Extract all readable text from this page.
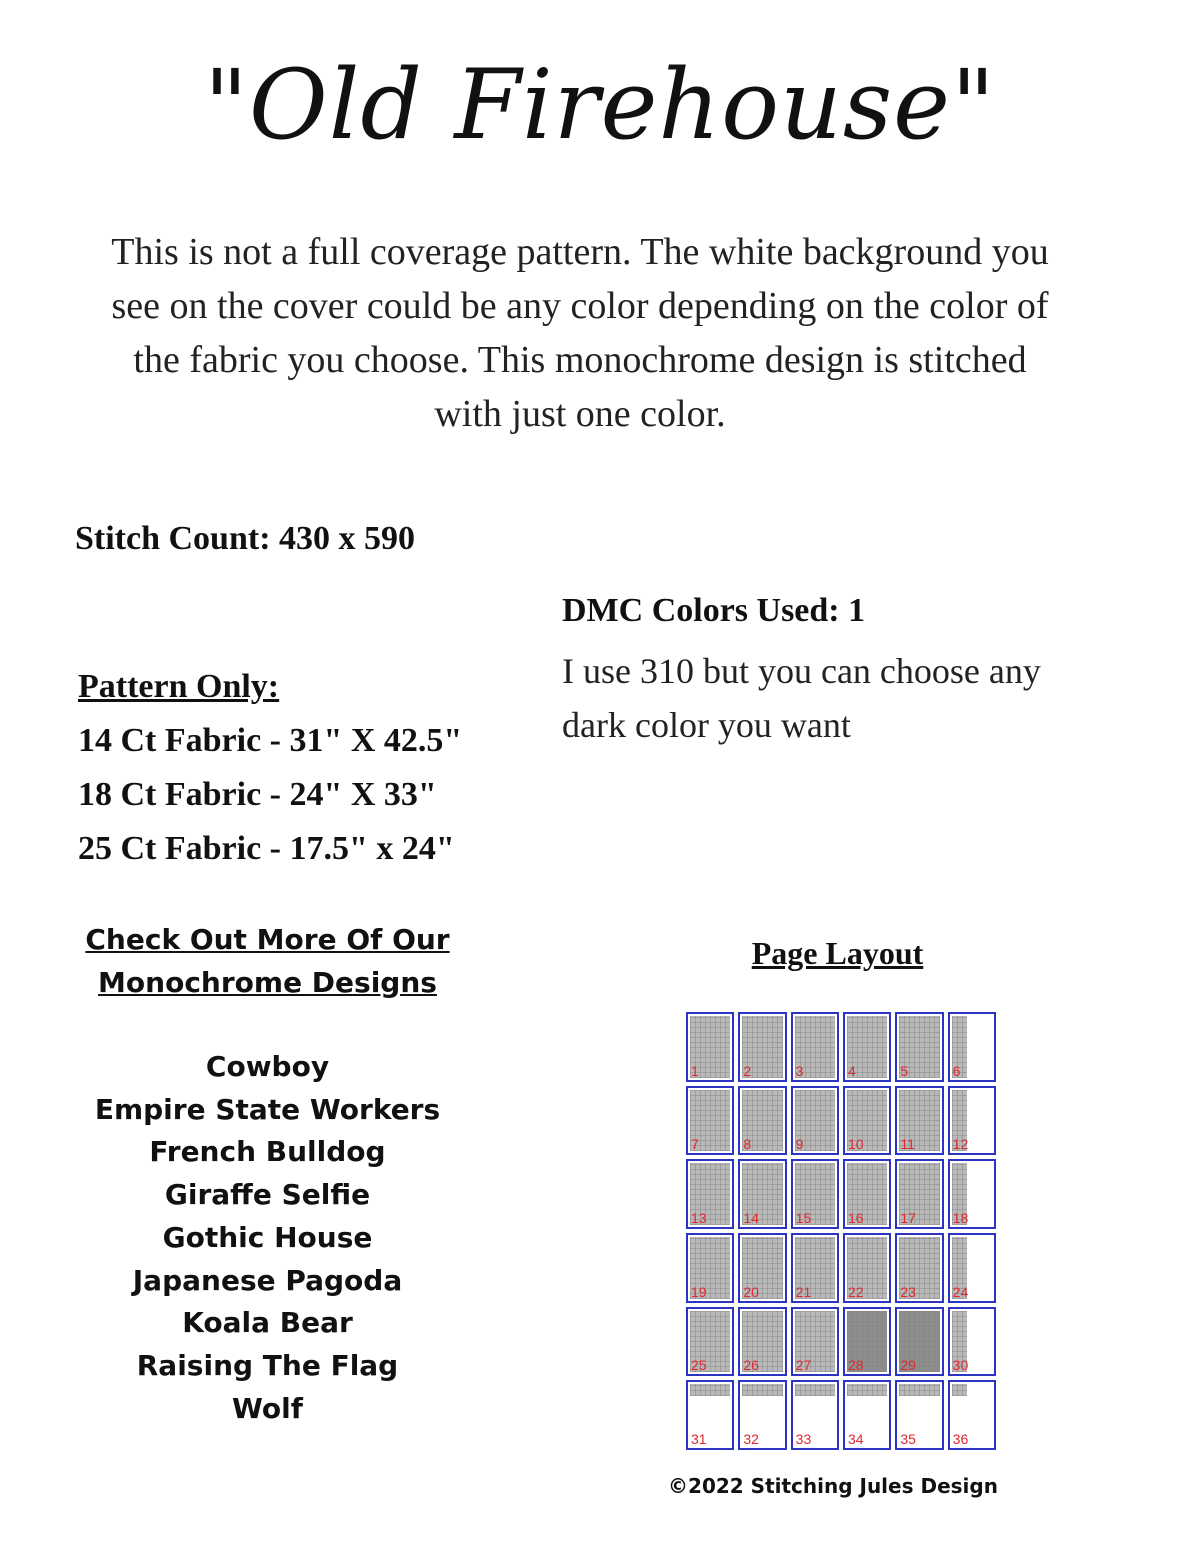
"Old Firehouse"
This is not a full coverage pattern. The white background you see on the cover could be any color depending on the color of the fabric you choose. This monochrome design is stitched with just one color.
Stitch Count: 430 x 590
DMC Colors Used: 1
I use 310 but you can choose any dark color you want
Pattern Only:
14 Ct Fabric - 31" X 42.5"
18 Ct Fabric - 24" X 33"
25 Ct Fabric - 17.5" x 24"
Check Out More Of Our Monochrome Designs
Cowboy
Empire State Workers
French Bulldog
Giraffe Selfie
Gothic House
Japanese Pagoda
Koala Bear
Raising The Flag
Wolf
Page Layout
1	2	3	4	5	6
7	8	9	10	11	12
13	14	15	16	17	18
19	20	21	22	23	24
25	26	27	28	29	30
31	32	33	34	35	36
©2022 Stitching Jules Design
